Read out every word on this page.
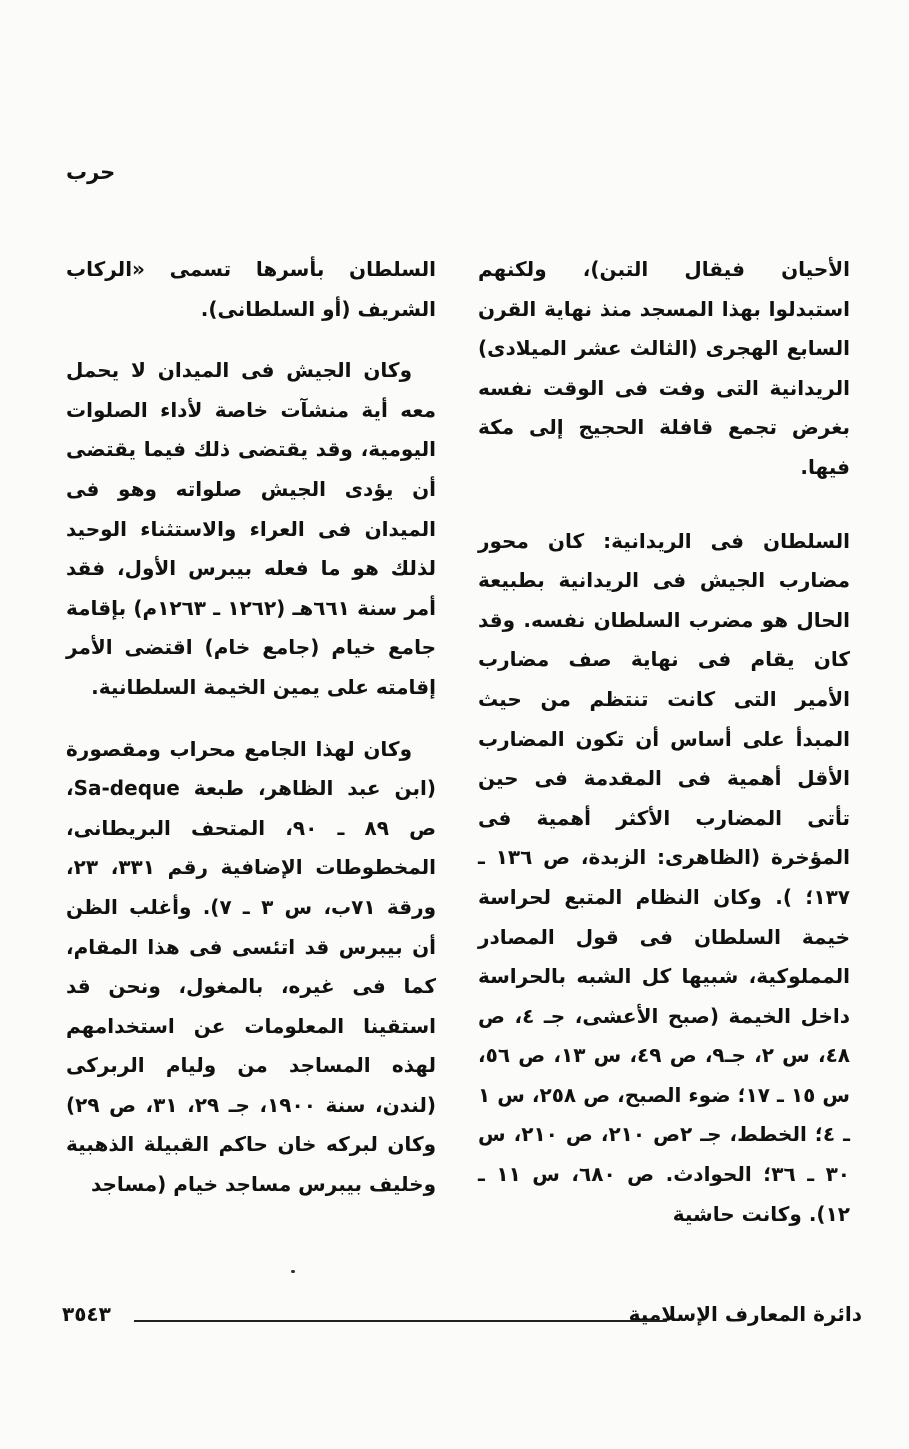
حرب

الأحيان فيقال التبن)، ولكنهم استبدلوا بهذا المسجد منذ نهاية القرن السابع الهجرى (الثالث عشر الميلادى) الريدانية التى وفت فى الوقت نفسه بغرض تجمع قافلة الحجيج إلى مكة فيها.

السلطان فى الريدانية: كان محور مضارب الجيش فى الريدانية بطبيعة الحال هو مضرب السلطان نفسه. وقد كان يقام فى نهاية صف مضارب الأمير التى كانت تنتظم من حيث المبدأ على أساس أن تكون المضارب الأقل أهمية فى المقدمة فى حين تأتى المضارب الأكثر أهمية فى المؤخرة (الظاهرى: الزبدة، ص ١٣٦ ـ ١٣٧؛ ). وكان النظام المتبع لحراسة خيمة السلطان فى قول المصادر المملوكية، شبيها كل الشبه بالحراسة داخل الخيمة (صبح الأعشى، جـ ٤، ص ٤٨، س ٢، جـ٩، ص ٤٩، س ١٣، ص ٥٦، س ١٥ ـ ١٧؛ ضوء الصبح، ص ٢٥٨، س ١ ـ ٤؛ الخطط، جـ ٢ص ٢١٠، ص ٢١٠، س ٣٠ ـ ٣٦؛ الحوادث. ص ٦٨٠، س ١١ ـ ١٢). وكانت حاشية

السلطان بأسرها تسمى «الركاب الشريف (أو السلطانى).

وكان الجيش فى الميدان لا يحمل معه أية منشآت خاصة لأداء الصلوات اليومية، وقد يقتضى ذلك فيما يقتضى أن يؤدى الجيش صلواته وهو فى الميدان فى العراء والاستثناء الوحيد لذلك هو ما فعله بيبرس الأول، فقد أمر سنة ٦٦١هـ (١٢٦٢ ـ ١٢٦٣م) بإقامة جامع خيام (جامع خام) اقتضى الأمر إقامته على يمين الخيمة السلطانية.

وكان لهذا الجامع محراب ومقصورة (ابن عبد الظاهر، طبعة Sa-deque، ص ٨٩ ـ ٩٠، المتحف البريطانى، المخطوطات الإضافية رقم ٣٣١، ٢٣، ورقة ٧١ب، س ٣ ـ ٧). وأغلب الظن أن بيبرس قد اتئسى فى هذا المقام، كما فى غيره، بالمغول، ونحن قد استقينا المعلومات عن استخدامهم لهذه المساجد من وليام الربركى (لندن، سنة ١٩٠٠، جـ ٢٩، ٣١، ص ٢٩) وكان لبركه خان حاكم القبيلة الذهبية وخليف بيبرس مساجد خيام (مساجد

دائرة المعارف الإسلامية
٣٥٤٣
